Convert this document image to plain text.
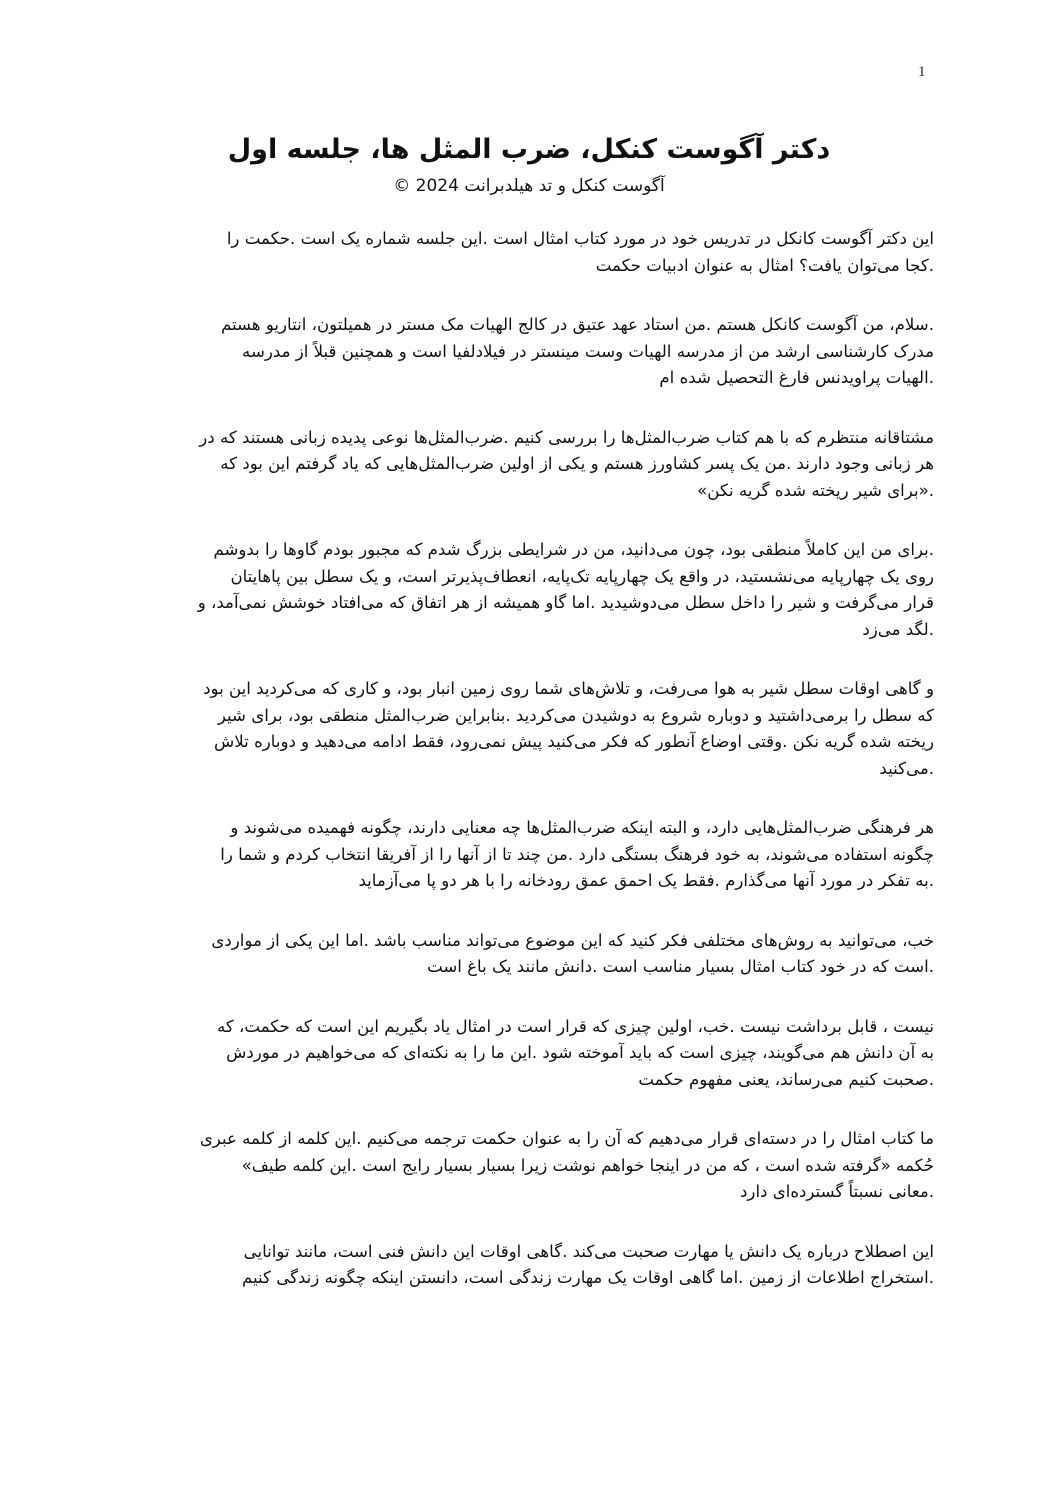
1
دکتر آگوست کنکل، ضرب المثل ها، جلسه اول

آگوست کنکل و تد هیلدبرانت 2024 ©

این دکتر آگوست کانکل در تدریس خود در مورد کتاب امثال است .این جلسه شماره یک است .حکمت را
.کجا می‌توان یافت؟ امثال به عنوان ادبیات حکمت

.سلام، من آگوست کانکل هستم .من استاد عهد عتیق در کالج الهیات مک مستر در همیلتون، انتاریو هستم
مدرک کارشناسی ارشد من از مدرسه الهیات وست مینستر در فیلادلفیا است و همچنین قبلاً از مدرسه
.الهیات پراویدنس فارغ التحصیل شده ام

مشتاقانه منتظرم که با هم کتاب ضرب‌المثل‌ها را بررسی کنیم .ضرب‌المثل‌ها نوعی پدیده زبانی هستند که در
هر زبانی وجود دارند .من یک پسر کشاورز هستم و یکی از اولین ضرب‌المثل‌هایی که یاد گرفتم این بود که
.«برای شیر ریخته شده گریه نکن»

.برای من این کاملاً منطقی بود، چون می‌دانید، من در شرایطی بزرگ شدم که مجبور بودم گاوها را بدوشم
روی یک چهارپایه می‌نشستید، در واقع یک چهارپایه تک‌پایه، انعطاف‌پذیرتر است، و یک سطل بین پاهایتان
قرار می‌گرفت و شیر را داخل سطل می‌دوشیدید .اما گاو همیشه از هر اتفاق که می‌افتاد خوشش نمی‌آمد، و
.لگد می‌زد

و گاهی اوقات سطل شیر به هوا می‌رفت، و تلاش‌های شما روی زمین انبار بود، و کاری که می‌کردید این بود
که سطل را برمی‌داشتید و دوباره شروع به دوشیدن می‌کردید .بنابراین ضرب‌المثل منطقی بود، برای شیر
ریخته شده گریه نکن .وقتی اوضاع آنطور که فکر می‌کنید پیش نمی‌رود، فقط ادامه می‌دهید و دوباره تلاش
.می‌کنید

هر فرهنگی ضرب‌المثل‌هایی دارد، و البته اینکه ضرب‌المثل‌ها چه معنایی دارند، چگونه فهمیده می‌شوند و
چگونه استفاده می‌شوند، به خود فرهنگ بستگی دارد .من چند تا از آنها را از آفریقا انتخاب کردم و شما را
.به تفکر در مورد آنها می‌گذارم .فقط یک احمق عمق رودخانه را با هر دو پا می‌آزماید

خب، می‌توانید به روش‌های مختلفی فکر کنید که این موضوع می‌تواند مناسب باشد .اما این یکی از مواردی
.است که در خود کتاب امثال بسیار مناسب است .دانش مانند یک باغ است

نیست ، قابل برداشت نیست .خب، اولین چیزی که قرار است در امثال یاد بگیریم این است که حکمت، که
به آن دانش هم می‌گویند، چیزی است که باید آموخته شود .این ما را به نکته‌ای که می‌خواهیم در موردش
.صحبت کنیم می‌رساند، یعنی مفهوم حکمت

ما کتاب امثال را در دسته‌ای قرار می‌دهیم که آن را به عنوان حکمت ترجمه می‌کنیم .این کلمه از کلمه عبری
حُکمه «گرفته شده است ، که من در اینجا خواهم نوشت زیرا بسیار بسیار رایج است .این کلمه طیف»
.معانی نسبتاً گسترده‌ای دارد

این اصطلاح درباره یک دانش یا مهارت صحبت می‌کند .گاهی اوقات این دانش فنی است، مانند توانایی
.استخراج اطلاعات از زمین .اما گاهی اوقات یک مهارت زندگی است، دانستن اینکه چگونه زندگی کنیم
